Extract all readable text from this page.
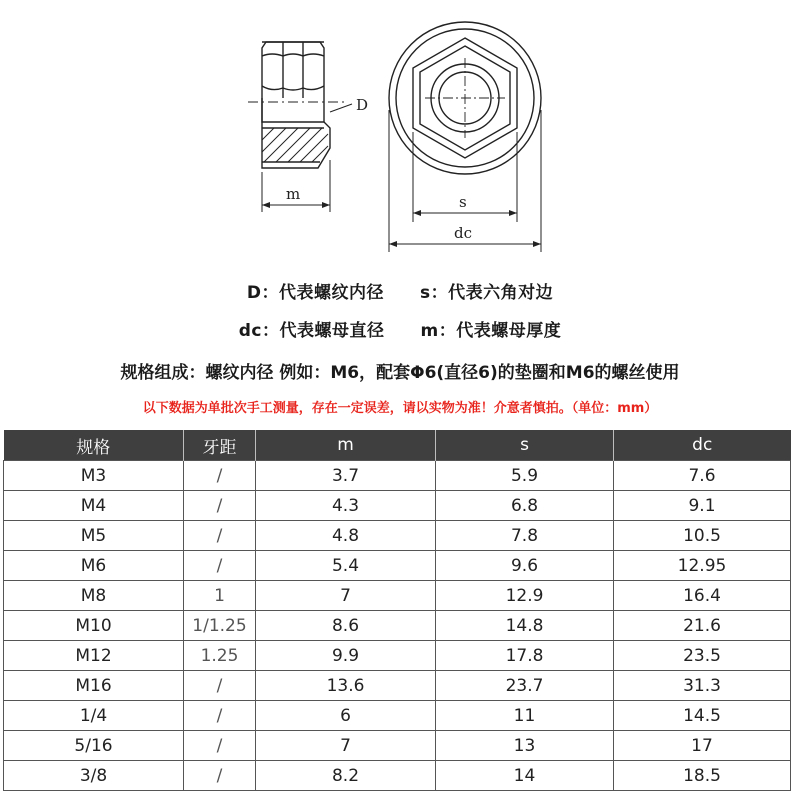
D
m	s
dc
D：代表螺纹内径 s：代表六角对边
dc：代表螺母直径 m：代表螺母厚度
规格组成：螺纹内径 例如：M6，配套Φ6(直径6)的垫圈和M6的螺丝使用
以下数据为单批次手工测量，存在一定误差，请以实物为准！介意者慎拍。（单位：mm）
规格	牙距	m	s	dc
M3	/	3.7	5.9	7.6
M4	/	4.3	6.8	9.1
M5	/	4.8	7.8	10.5
M6	/	5.4	9.6	12.95
M8	1	7	12.9	16.4
M10	1/1.25	8.6	14.8	21.6
M12	1.25	9.9	17.8	23.5
M16	/	13.6	23.7	31.3
1/4	/	6	11	14.5
5/16	/	7	13	17
3/8	/	8.2	14	18.5
